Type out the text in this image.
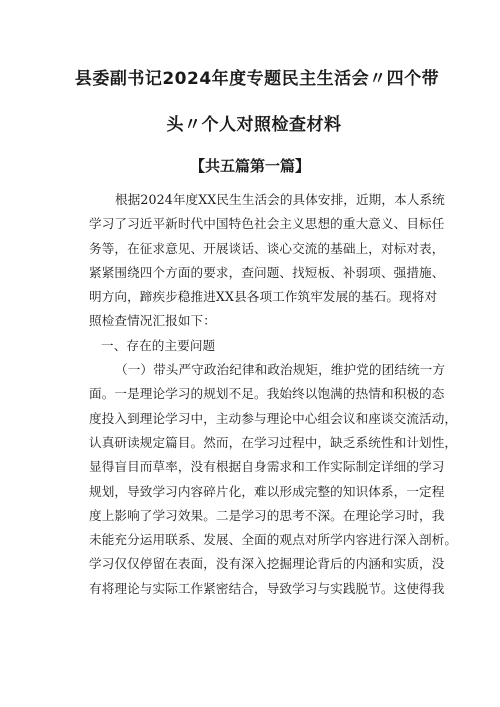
县委副书记2024年度专题民主生活会〃四个带
头〃个人对照检查材料
【共五篇第一篇】
根据2024年度XX民生生活会的具体安排，近期，本人系统
学习了习近平新时代中国特色社会主义思想的重大意义、目标任
务等，在征求意见、开展谈话、谈心交流的基础上，对标对表，
紧紧围绕四个方面的要求，查问题、找短板、补弱项、强措施、
明方向，蹄疾步稳推进XX县各项工作筑牢发展的基石。现将对
照检查情况汇报如下：
一、存在的主要问题
（一）带头严守政治纪律和政治规矩，维护党的团结统一方
面。一是理论学习的规划不足。我始终以饱满的热情和积极的态
度投入到理论学习中，主动参与理论中心组会议和座谈交流活动，
认真研读规定篇目。然而，在学习过程中，缺乏系统性和计划性，
显得盲目而草率，没有根据自身需求和工作实际制定详细的学习
规划，导致学习内容碎片化，难以形成完整的知识体系，一定程
度上影响了学习效果。二是学习的思考不深。在理论学习时，我
未能充分运用联系、发展、全面的观点对所学内容进行深入剖析。
学习仅仅停留在表面，没有深入挖掘理论背后的内涵和实质，没
有将理论与实际工作紧密结合，导致学习与实践脱节。这使得我
